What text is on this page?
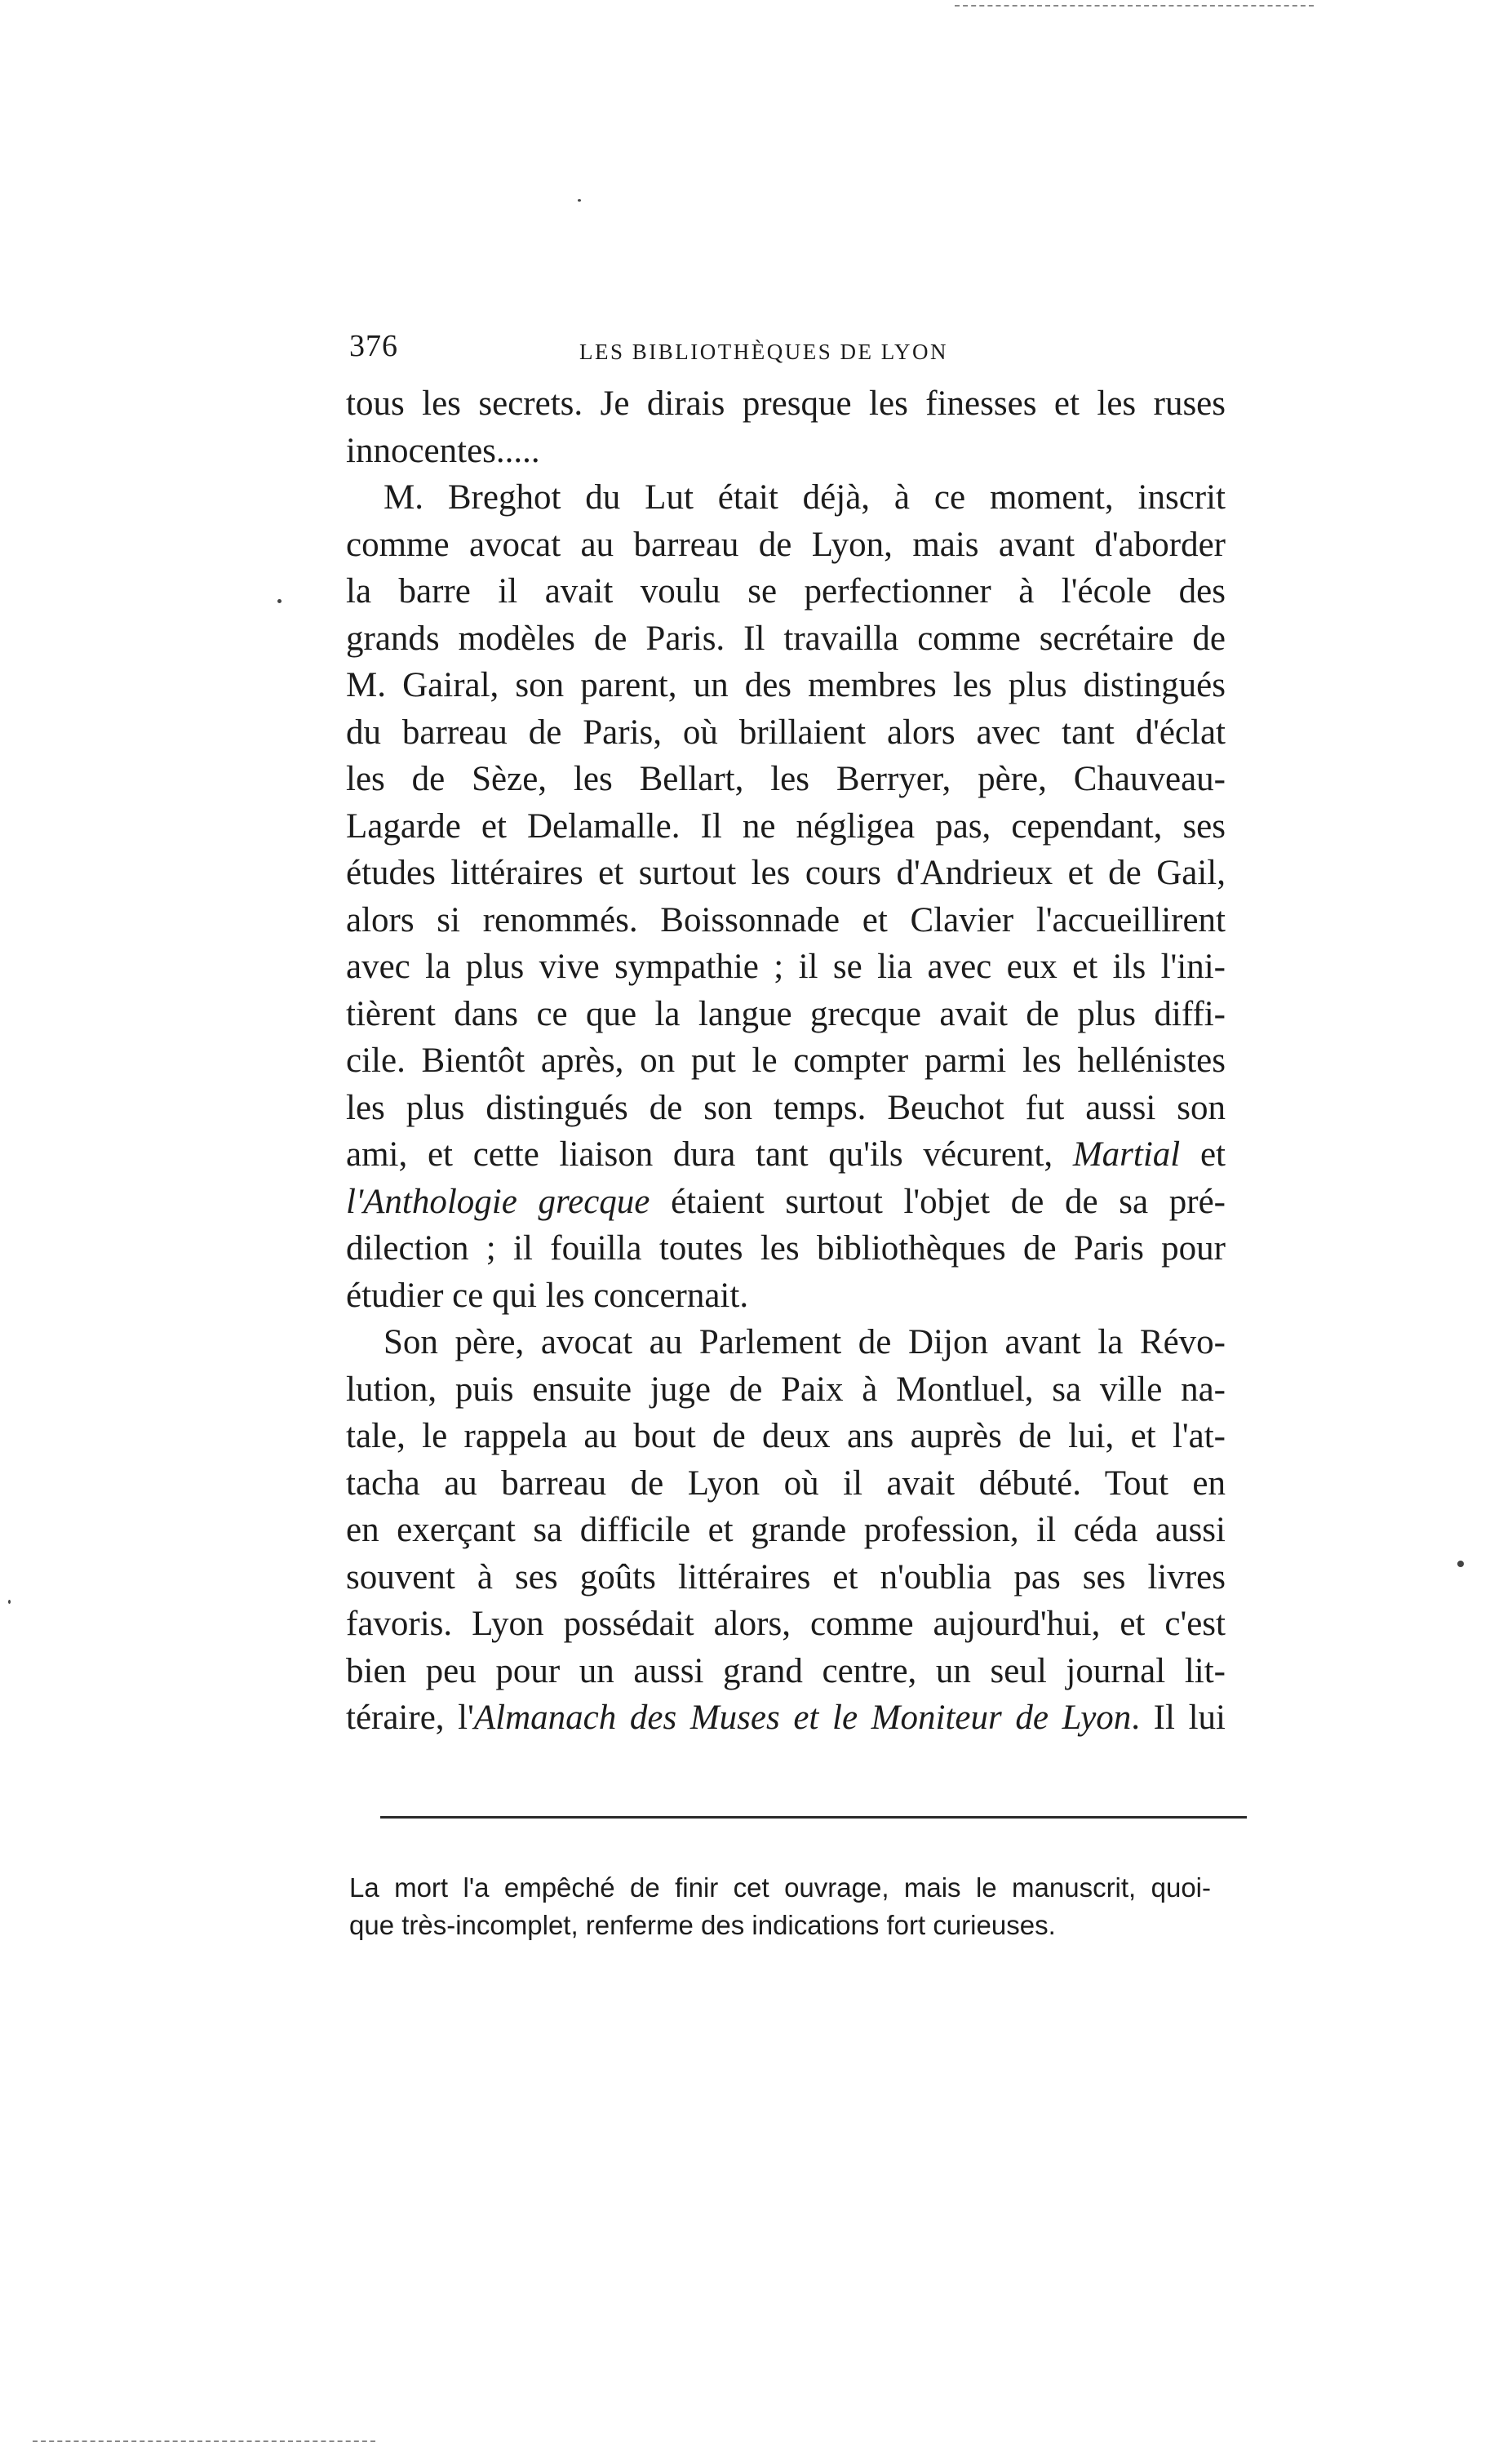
376	LES BIBLIOTHÈQUES DE LYON
tous les secrets. Je dirais presque les finesses et les ruses
innocentes.....
M. Breghot du Lut était déjà, à ce moment, inscrit
comme avocat au barreau de Lyon, mais avant d'aborder
la barre il avait voulu se perfectionner à l'école des
grands modèles de Paris. Il travailla comme secrétaire de
M. Gairal, son parent, un des membres les plus distingués
du barreau de Paris, où brillaient alors avec tant d'éclat
les de Sèze, les Bellart, les Berryer, père, Chauveau-
Lagarde et Delamalle. Il ne négligea pas, cependant, ses
études littéraires et surtout les cours d'Andrieux et de Gail,
alors si renommés. Boissonnade et Clavier l'accueillirent
avec la plus vive sympathie ; il se lia avec eux et ils l'ini-
tièrent dans ce que la langue grecque avait de plus diffi-
cile. Bientôt après, on put le compter parmi les hellénistes
les plus distingués de son temps. Beuchot fut aussi son
ami, et cette liaison dura tant qu'ils vécurent, Martial et
l'Anthologie grecque étaient surtout l'objet de de sa pré-
dilection ; il fouilla toutes les bibliothèques de Paris pour
étudier ce qui les concernait.
Son père, avocat au Parlement de Dijon avant la Révo-
lution, puis ensuite juge de Paix à Montluel, sa ville na-
tale, le rappela au bout de deux ans auprès de lui, et l'at-
tacha au barreau de Lyon où il avait débuté. Tout en
en exerçant sa difficile et grande profession, il céda aussi
souvent à ses goûts littéraires et n'oublia pas ses livres
favoris. Lyon possédait alors, comme aujourd'hui, et c'est
bien peu pour un aussi grand centre, un seul journal lit-
téraire, l'Almanach des Muses et le Moniteur de Lyon. Il lui
La mort l'a empêché de finir cet ouvrage, mais le manuscrit, quoi-
que très-incomplet, renferme des indications fort curieuses.
